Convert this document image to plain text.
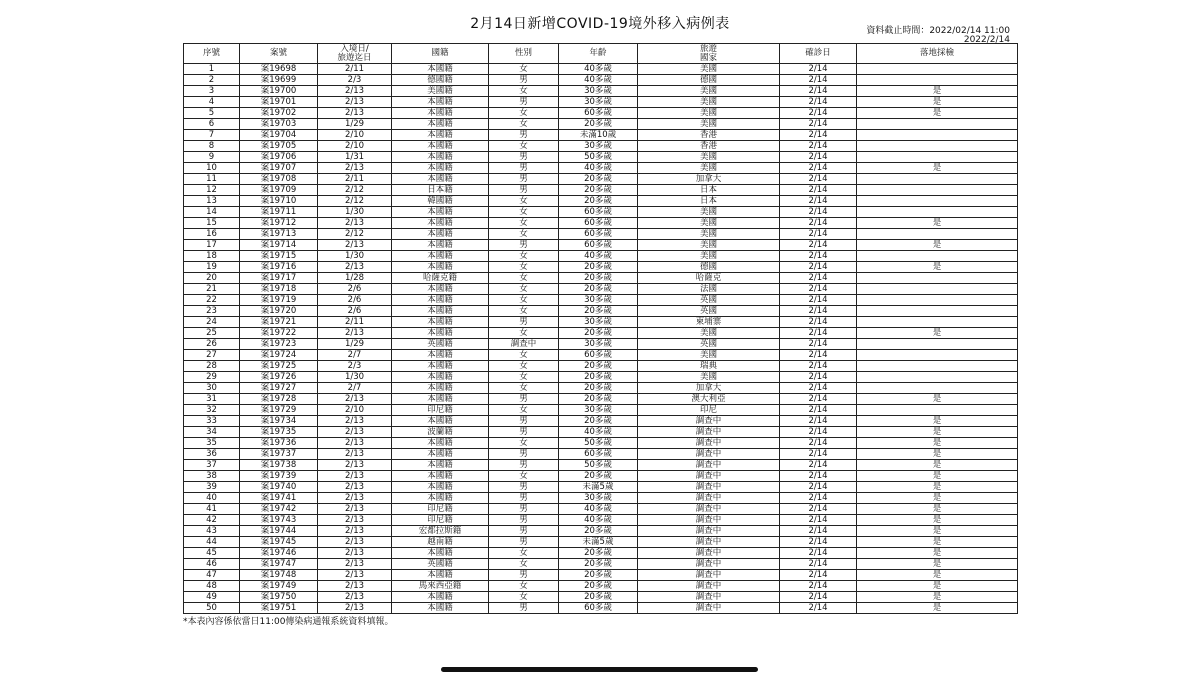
2月14日新增COVID-19境外移入病例表	資料截止時間：2022/02/14 11:00
2022/2/14
序號	案號	入境日/
旅遊迄日	國籍	性別	年齡	旅遊
國家	確診日	落地採檢
1	案19698	2/11	本國籍	女	40多歲	美國	2/14	
2	案19699	2/3	德國籍	男	40多歲	德國	2/14	
3	案19700	2/13	美國籍	女	30多歲	美國	2/14	是
4	案19701	2/13	本國籍	男	30多歲	美國	2/14	是
5	案19702	2/13	本國籍	女	60多歲	美國	2/14	是
6	案19703	1/29	本國籍	女	20多歲	美國	2/14	
7	案19704	2/10	本國籍	男	未滿10歲	香港	2/14	
8	案19705	2/10	本國籍	女	30多歲	香港	2/14	
9	案19706	1/31	本國籍	男	50多歲	美國	2/14	
10	案19707	2/13	本國籍	男	40多歲	美國	2/14	是
11	案19708	2/11	本國籍	男	20多歲	加拿大	2/14	
12	案19709	2/12	日本籍	男	20多歲	日本	2/14	
13	案19710	2/12	韓國籍	女	20多歲	日本	2/14	
14	案19711	1/30	本國籍	女	60多歲	美國	2/14	
15	案19712	2/13	本國籍	女	60多歲	美國	2/14	是
16	案19713	2/12	本國籍	女	60多歲	美國	2/14	
17	案19714	2/13	本國籍	男	60多歲	美國	2/14	是
18	案19715	1/30	本國籍	女	40多歲	美國	2/14	
19	案19716	2/13	本國籍	女	20多歲	德國	2/14	是
20	案19717	1/28	哈薩克籍	女	20多歲	哈薩克	2/14	
21	案19718	2/6	本國籍	女	20多歲	法國	2/14	
22	案19719	2/6	本國籍	女	30多歲	英國	2/14	
23	案19720	2/6	本國籍	女	20多歲	英國	2/14	
24	案19721	2/11	本國籍	男	30多歲	柬埔寨	2/14	
25	案19722	2/13	本國籍	女	20多歲	美國	2/14	是
26	案19723	1/29	英國籍	調查中	30多歲	英國	2/14	
27	案19724	2/7	本國籍	女	60多歲	美國	2/14	
28	案19725	2/3	本國籍	女	20多歲	瑞典	2/14	
29	案19726	1/30	本國籍	女	20多歲	美國	2/14	
30	案19727	2/7	本國籍	女	20多歲	加拿大	2/14	
31	案19728	2/13	本國籍	男	20多歲	澳大利亞	2/14	是
32	案19729	2/10	印尼籍	女	30多歲	印尼	2/14	
33	案19734	2/13	本國籍	男	20多歲	調查中	2/14	是
34	案19735	2/13	波蘭籍	男	40多歲	調查中	2/14	是
35	案19736	2/13	本國籍	女	50多歲	調查中	2/14	是
36	案19737	2/13	本國籍	男	60多歲	調查中	2/14	是
37	案19738	2/13	本國籍	男	50多歲	調查中	2/14	是
38	案19739	2/13	本國籍	女	20多歲	調查中	2/14	是
39	案19740	2/13	本國籍	男	未滿5歲	調查中	2/14	是
40	案19741	2/13	本國籍	男	30多歲	調查中	2/14	是
41	案19742	2/13	印尼籍	男	40多歲	調查中	2/14	是
42	案19743	2/13	印尼籍	男	40多歲	調查中	2/14	是
43	案19744	2/13	宏都拉斯籍	男	20多歲	調查中	2/14	是
44	案19745	2/13	越南籍	男	未滿5歲	調查中	2/14	是
45	案19746	2/13	本國籍	女	20多歲	調查中	2/14	是
46	案19747	2/13	英國籍	女	20多歲	調查中	2/14	是
47	案19748	2/13	本國籍	男	20多歲	調查中	2/14	是
48	案19749	2/13	馬來西亞籍	女	20多歲	調查中	2/14	是
49	案19750	2/13	本國籍	女	20多歲	調查中	2/14	是
50	案19751	2/13	本國籍	男	60多歲	調查中	2/14	是
*本表內容係依當日11:00傳染病通報系統資料填報。
